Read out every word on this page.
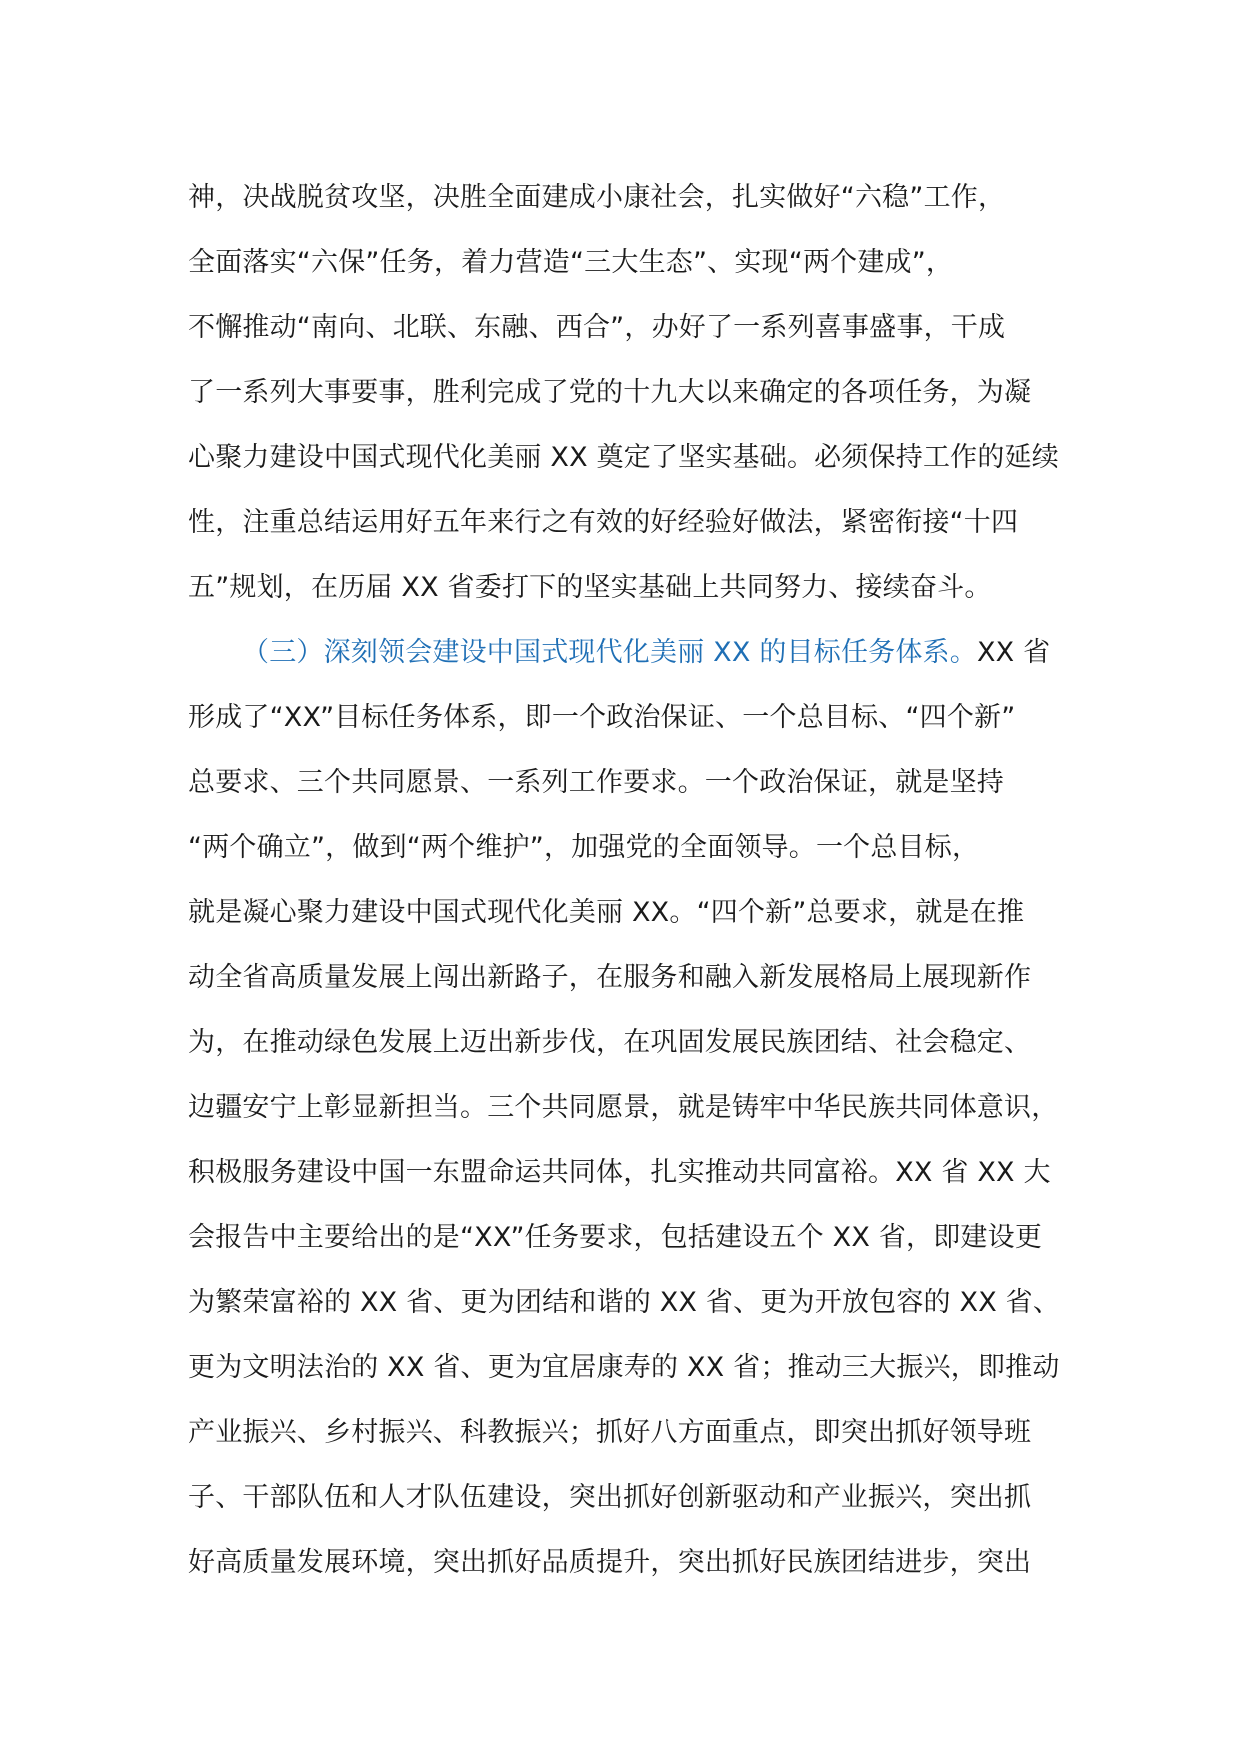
神，决战脱贫攻坚，决胜全面建成小康社会，扎实做好“六稳”工作，
全面落实“六保”任务，着力营造“三大生态”、实现“两个建成”，
不懈推动“南向、北联、东融、西合”，办好了一系列喜事盛事，干成
了一系列大事要事，胜利完成了党的十九大以来确定的各项任务，为凝
心聚力建设中国式现代化美丽 XX 奠定了坚实基础。必须保持工作的延续
性，注重总结运用好五年来行之有效的好经验好做法，紧密衔接“十四
五”规划，在历届 XX 省委打下的坚实基础上共同努力、接续奋斗。
（三）深刻领会建设中国式现代化美丽 XX 的目标任务体系。XX 省
形成了“XX”目标任务体系，即一个政治保证、一个总目标、“四个新”
总要求、三个共同愿景、一系列工作要求。一个政治保证，就是坚持
“两个确立”，做到“两个维护”，加强党的全面领导。一个总目标，
就是凝心聚力建设中国式现代化美丽 XX。“四个新”总要求，就是在推
动全省高质量发展上闯出新路子，在服务和融入新发展格局上展现新作
为，在推动绿色发展上迈出新步伐，在巩固发展民族团结、社会稳定、
边疆安宁上彰显新担当。三个共同愿景，就是铸牢中华民族共同体意识，
积极服务建设中国一东盟命运共同体，扎实推动共同富裕。XX 省 XX 大
会报告中主要给出的是“XX”任务要求，包括建设五个 XX 省，即建设更
为繁荣富裕的 XX 省、更为团结和谐的 XX 省、更为开放包容的 XX 省、
更为文明法治的 XX 省、更为宜居康寿的 XX 省；推动三大振兴，即推动
产业振兴、乡村振兴、科教振兴；抓好八方面重点，即突出抓好领导班
子、干部队伍和人才队伍建设，突出抓好创新驱动和产业振兴，突出抓
好高质量发展环境，突出抓好品质提升，突出抓好民族团结进步，突出
